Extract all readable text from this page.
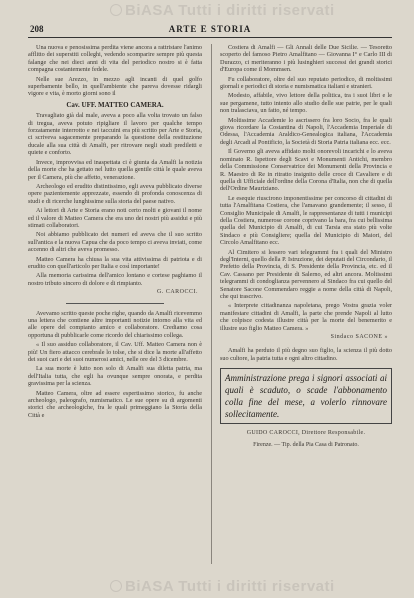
BiASA Tutti i diritti riservati
208	ARTE E STORIA

Una nuova e penosissima perdita viene ancora a rattristare l'animo afflitto dei superstiti colleghi, vedendo scomparire sempre più questa falange che nei dieci anni di vita del periodico nostro si è fatta compagna costantemente fedele.

Nelle sue Arezzo, in mezzo agli incanti di quel golfo superbamente bello, in quell'ambiente che pareva dovesse ridargli vigore e vita, è morto giorni sono il

Cav. UFF. MATTEO CAMERA.

Travagliato già dal male, aveva a poco alla volta trovato un falso di tregua, aveva potuto ripigliare il lavoro per qualche tempo forzatamente interrotto e nei taccuini era più scritto per Arte e Storia, ci scriveva sagacemente preparando la questione della restituzione ducale alla sua città di Amalfi, per ritrovare negli studi prediletti e quiete e conforto.

Invece, improvvisa ed inaspettata ci è giunta da Amalfi la notizia della morte che ha gettato nel lutto quella gentile città le quale aveva per il Camera, più che affetto, venerazione.

Archeologo ed erudito distintissimo, egli aveva pubblicato diverse opere pazientemente apprezzate, essendo di profonda conoscenza di studi e di ricerche lunghissime sulla storia del paese nativo.

Ai lettori di Arte e Storia erano noti certo molti e giovani il nome ed il valore di Matteo Camera che era uno dei nostri più assidui e più stimati collaboratori.

Noi abbiamo pubblicato dei numeri ed aveva che il suo scritto sull'antica e la nuova Capua che da poco tempo ci aveva inviati, come accenno di altri che aveva promesso.

Matteo Camera ha chiusa la sua vita attivissima di patriota e di erudito con quell'articolo per Italia e così importante!

Alla memoria carissima dell'amico lontano e cortese paghiamo il nostro tributo sincero di dolore e di rimpianto.

G. CAROCCI.

Avevamo scritto queste poche righe, quando da Amalfi ricevemmo una lettera che contiene altre importanti notizie intorno alla vita ed alle opere del compianto amico e collaboratore. Crediamo cosa opportuna di pubblicarle come ricordo del chiarissimo collega.

« Il suo assiduo collaboratore, il Cav. Uff. Matteo Camera non è più! Un fiero attacco cerebrale lo tolse, che si dice la morte all'affetto dei suoi cari e dei suoi numerosi amici, nelle ore del 3 dicembre.

La sua morte è lutto non solo di Amalfi sua diletta patria, ma dell'Italia tutta, che egli ha ovunque sempre onorata, e perdita gravissima per la scienza.

Matteo Camera, oltre ad essere espertissimo storico, fu anche archeologo, paleografo, numismatico. Le sue opere su di argomenti storici che archeologiche, fra le quali primeggiano la Storia della Città e

Costiera di Amalfi — Gli Annali delle Due Sicilie. — Tesoretto scoperto del famoso Pietro Amalfitano — Giovanna I° e Carlo III di Durazzo, ci meriteranno i più lusinghieri successi dei grandi storici d'Europa come il Mommsen.

Fu collaboratore, oltre del suo reputato periodico, di moltissimi giornali e periodici di storia e numismatica italiani e stranieri.

Modesto, affabile, vivo lettore della politica, tra i suoi libri e le sue pergamene, tutto intento allo studio delle sue patrie, per le quali non tralasciava, un fatto, né tempo.

Moltissime Accademie lo ascrissero fra loro Socio, fra le quali giova ricordare la Costantina di Napoli, l'Accademia Imperiale di Odessa, l'Accademia Araldico-Genealogica italiana, l'Accademia degli Arcadi al Pontificio, la Società di Storia Patria italiana ecc. ecc.

Il Governo gli aveva affidato molti onorevoli incarichi e lo aveva nominato R. Ispettore degli Scavi e Monumenti Antichi, membro della Commissione Conservatrice dei Monumenti della Provincia e R. Maestro di Re in ritratto insignito delle croce di Cavaliere e di quella di Ufficiale dell'ordine della Corona d'Italia, non che di quella dell'Ordine Mauriziano.

Le esequie riuscirono imponentissime per concorso di cittadini di tutta l'Amalfitana Costiera, che l'amavano grandemente; il sesso, il Consiglio Municipale di Amalfi, le rappresentanze di tutti i municipi della Costiera, numerose corone coprivano la bara, fra cui bellissima quella del Municipio di Amalfi, di cui Tarsia era stato più volte Sindaco e più Consigliere; quella del Municipio di Maiori, del Circolo Amalfitano ecc.

Al Cimitero si lessero vari telegrammi fra i quali del Ministro degl'Interni, quello della P. Istruzione, dei deputati del Circondario, il Prefetto della Provincia, di S. Presidente della Provincia, etc. ed il Cav. Cassano per Presidente di Salerno, ed altri ancora. Moltissimi telegrammi di condoglianza pervennero al Sindaco fra cui quello del Senatore Sacone Commendaro reggie a nome della città di Napoli, che qui trascrivo.

« Interprete cittadinanza napoletana, prego Vostra grazia voler manifestare cittadini di Amalfi, la parte che prende Napoli al lutto che colpisce codesta illustre città per la morte del benemerito e illustre suo figlio Matteo Camera. »

Sindaco SACONE »

Amalfi ha perduto il più degno suo figlio, la scienza il più dotto suo cultore, la patria tutta e ogni altro cittadino.

Amministrazione prega i signori associati ai quali è scaduto, o scade l'abbonamento colla fine del mese, a volerlo rinnovare sollecitamente.
GUIDO CAROCCI, Direttore Responsabile.
Firenze. — Tip. della Pia Casa di Patronato.
BiASA Tutti i diritti riservati
